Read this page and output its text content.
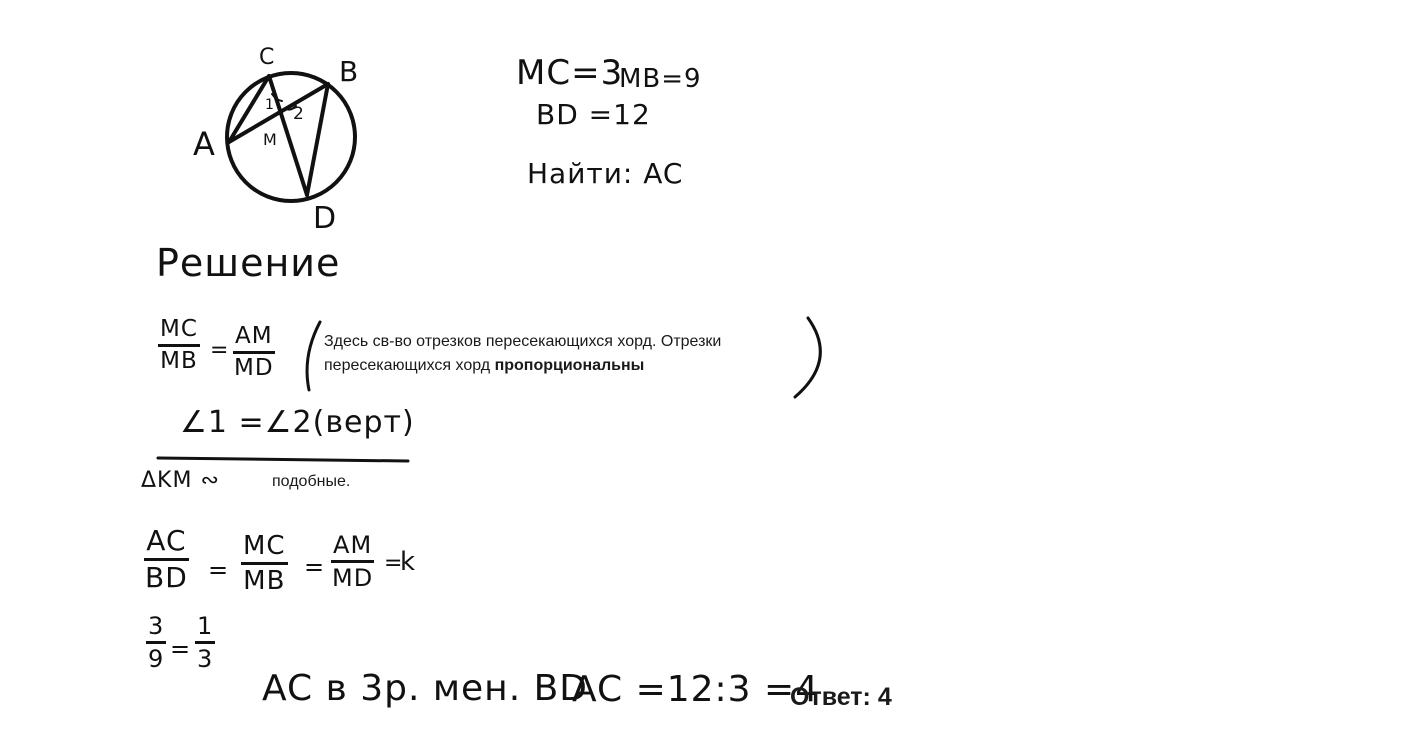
C B
A
D
M
1 2
MC=3
MB=9
BD =12
Найти: AC
Решение
$\frac{MC}{MB} = \frac{AM}{MD}$	Здесь св-во отрезков пересекающихся хорд. Отрезки пересекающихся хорд пропорциональны
∠1 =∠2(верт)
ΔKM ∾	подобные.
$\frac{AC}{BD} = \frac{MC}{MB} = \frac{AM}{MD}$ =
k
$\frac{3}{9} = \frac{1}{3}$
AC в 3р. мен. BD
AC =12:3 =4
Ответ: 4
